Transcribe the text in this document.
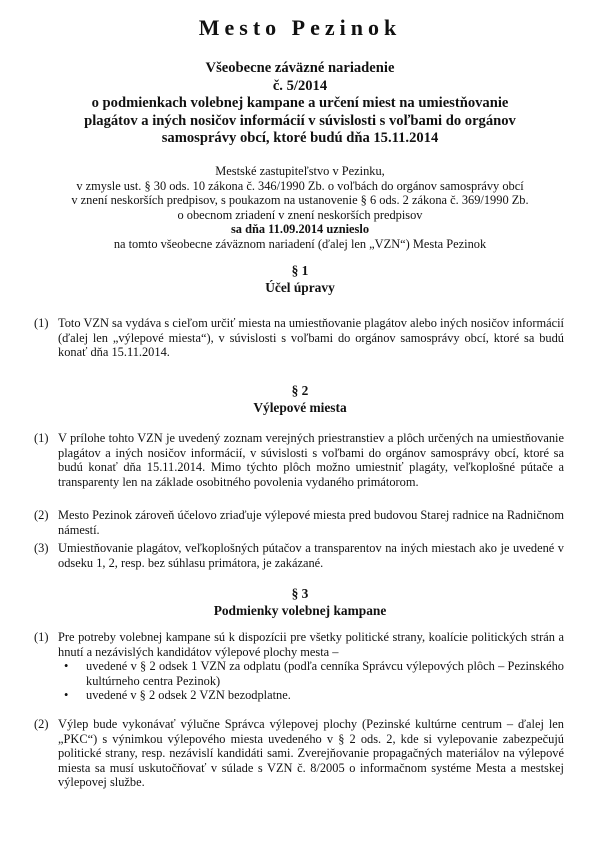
Mesto Pezinok
Všeobecne záväzné nariadenie
č. 5/2014
o podmienkach volebnej kampane a určení miest na umiestňovanie
plagátov a iných nosičov informácií v súvislosti s voľbami do orgánov
samosprávy obcí, ktoré budú dňa 15.11.2014
Mestské zastupiteľstvo v Pezinku,
v zmysle ust. § 30 ods. 10 zákona č. 346/1990 Zb. o voľbách do orgánov samosprávy obcí
v znení neskorších predpisov, s poukazom na ustanovenie § 6 ods. 2 zákona č. 369/1990 Zb.
o obecnom zriadení v znení neskorších predpisov
sa dňa 11.09.2014 uznieslo
na tomto všeobecne záväznom nariadení (ďalej len „VZN“) Mesta Pezinok
§ 1
Účel úpravy
(1) Toto VZN sa vydáva s cieľom určiť miesta na umiestňovanie plagátov alebo iných nosičov informácií (ďalej len „výlepové miesta“), v súvislosti s voľbami do orgánov samosprávy obcí, ktoré sa budú konať dňa 15.11.2014.
§ 2
Výlepové miesta
(1) V prílohe tohto VZN je uvedený zoznam verejných priestranstiev a plôch určených na umiestňovanie plagátov a iných nosičov informácií, v súvislosti s voľbami do orgánov samosprávy obcí, ktoré sa budú konať dňa 15.11.2014. Mimo týchto plôch možno umiestniť plagáty, veľkoplošné pútače a transparenty len na základe osobitného povolenia vydaného primátorom.
(2) Mesto Pezinok zároveň účelovo zriaďuje výlepové miesta pred budovou Starej radnice na Radničnom námestí.
(3) Umiestňovanie plagátov, veľkoplošných pútačov a transparentov na iných miestach ako je uvedené v odseku 1, 2, resp. bez súhlasu primátora, je zakázané.
§ 3
Podmienky volebnej kampane
(1) Pre potreby volebnej kampane sú k dispozícii pre všetky politické strany, koalície politických strán a hnutí a nezávislých kandidátov výlepové plochy mesta –
• uvedené v § 2 odsek 1 VZN za odplatu (podľa cenníka Správcu výlepových plôch – Pezinského kultúrneho centra Pezinok)
• uvedené v § 2 odsek 2 VZN bezodplatne.
(2) Výlep bude vykonávať výlučne Správca výlepovej plochy (Pezinské kultúrne centrum – ďalej len „PKC“) s výnimkou výlepového miesta uvedeného v § 2 ods. 2, kde si vylepovanie zabezpečujú politické strany, resp. nezávislí kandidáti sami. Zverejňovanie propagačných materiálov na výlepové miesta sa musí uskutočňovať v súlade s VZN č. 8/2005 o informačnom systéme Mesta a mestskej výlepovej službe.
